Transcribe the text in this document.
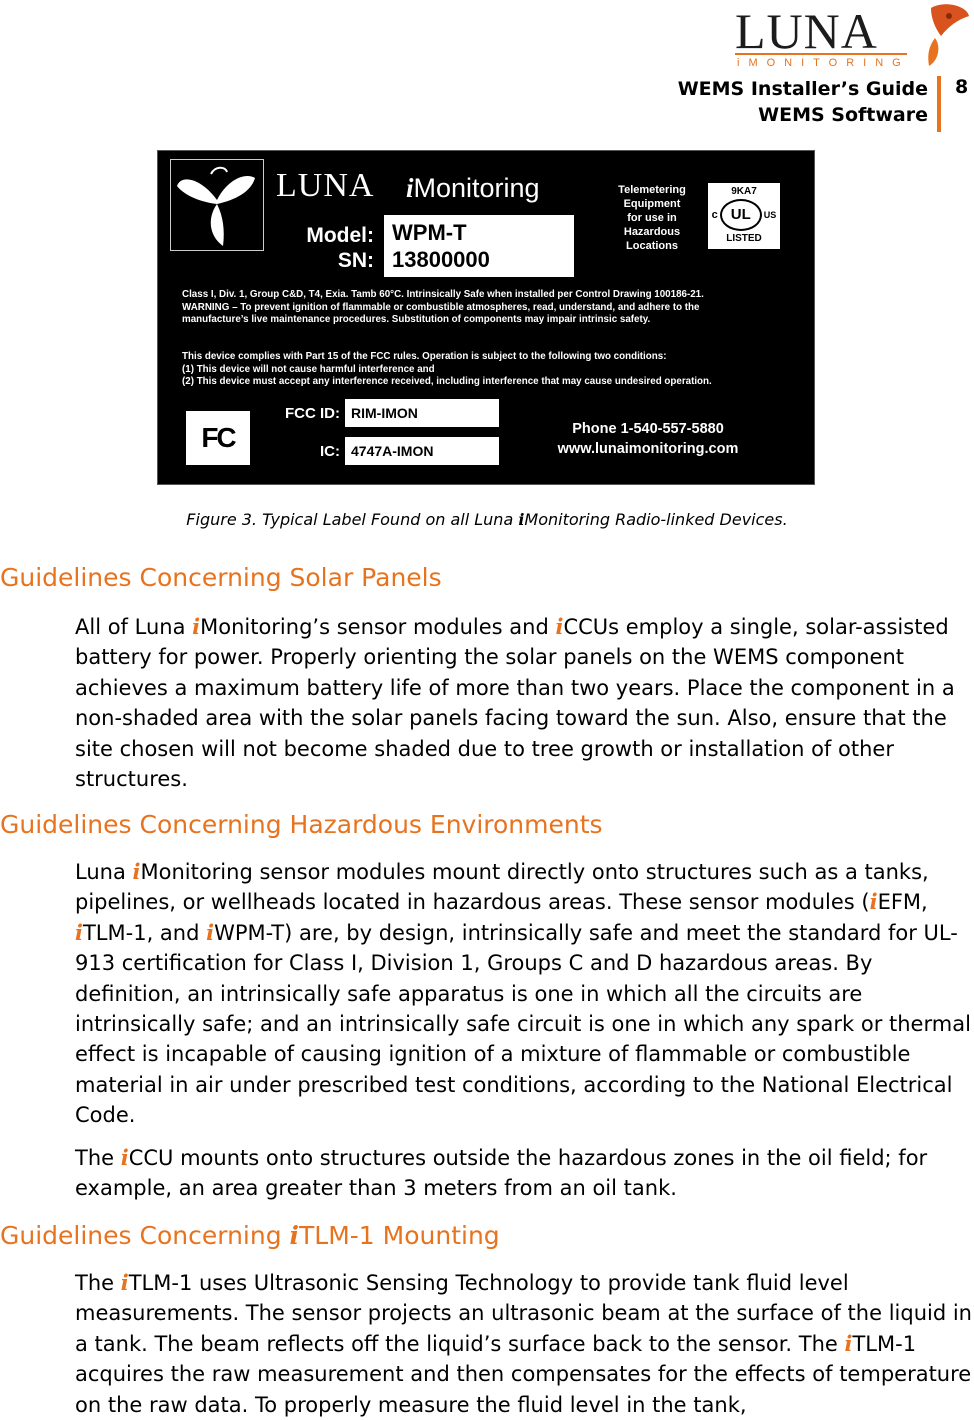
LUNA
iMONITORING
WEMS Installer’s Guide
WEMS Software
8
LUNA iMonitoring
Model:
SN:
WPM-T
13800000
Telemetering
Equipment
for use in
Hazardous
Locations
9KA7
c UL	US
LISTED
Class I, Div. 1, Group C&D, T4, Exia. Tamb 60°C. Intrinsically Safe when installed per Control Drawing 100186-21.
WARNING – To prevent ignition of flammable or combustible atmospheres, read, understand, and adhere to the
manufacture’s live maintenance procedures. Substitution of components may impair intrinsic safety.
This device complies with Part 15 of the FCC rules. Operation is subject to the following two conditions:
(1) This device will not cause harmful interference and
(2) This device must accept any interference received, including interference that may cause undesired operation.
FC
FCC ID:
IC:
RIM-IMON
4747A-IMON
Phone 1-540-557-5880
www.lunaimonitoring.com
Figure 3. Typical Label Found on all Luna iMonitoring Radio-linked Devices.
Guidelines Concerning Solar Panels

All of Luna iMonitoring’s sensor modules and iCCUs employ a single, solar-assisted battery for power. Properly orienting the solar panels on the WEMS component achieves a maximum battery life of more than two years. Place the component in a non-shaded area with the solar panels facing toward the sun. Also, ensure that the site chosen will not become shaded due to tree growth or installation of other structures.

Guidelines Concerning Hazardous Environments

Luna iMonitoring sensor modules mount directly onto structures such as a tanks, pipelines, or wellheads located in hazardous areas. These sensor modules (iEFM, iTLM-1, and iWPM-T) are, by design, intrinsically safe and meet the standard for UL-913 certification for Class I, Division 1, Groups C and D hazardous areas. By definition, an intrinsically safe apparatus is one in which all the circuits are intrinsically safe; and an intrinsically safe circuit is one in which any spark or thermal effect is incapable of causing ignition of a mixture of flammable or combustible material in air under prescribed test conditions, according to the National Electrical Code.

The iCCU mounts onto structures outside the hazardous zones in the oil field; for example, an area greater than 3 meters from an oil tank.

Guidelines Concerning iTLM-1 Mounting

The iTLM-1 uses Ultrasonic Sensing Technology to provide tank fluid level measurements. The sensor projects an ultrasonic beam at the surface of the liquid in a tank. The beam reflects off the liquid’s surface back to the sensor. The iTLM-1 acquires the raw measurement and then compensates for the effects of temperature on the raw data. To properly measure the fluid level in the tank,
